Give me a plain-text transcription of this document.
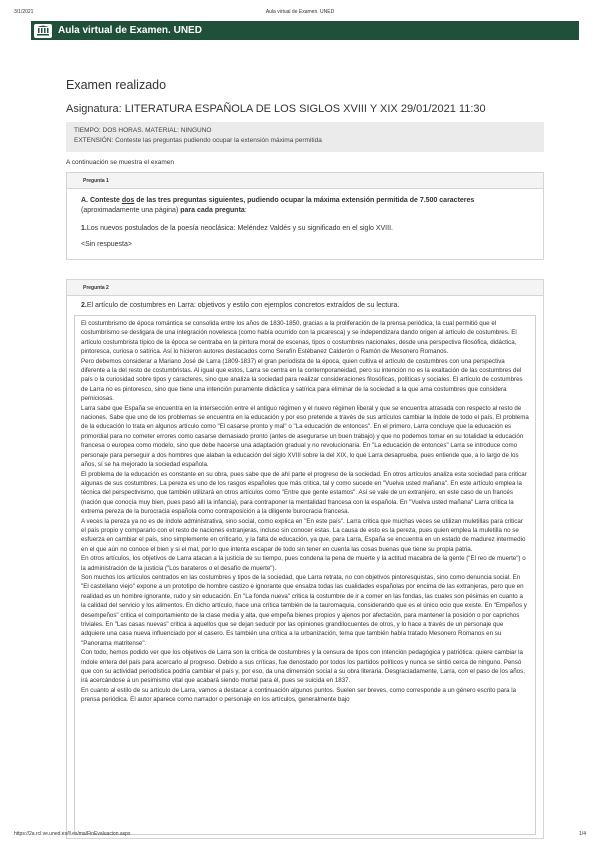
3/1/2021	Aula virtual de Examen. UNED
Aula virtual de Examen. UNED
Examen realizado
Asignatura: LITERATURA ESPAÑOLA DE LOS SIGLOS XVIII Y XIX 29/01/2021 11:30
TIEMPO: DOS HORAS. MATERIAL: NINGUNO
EXTENSIÓN: Conteste las preguntas pudiendo ocupar la extensión máxima permitida
A continuación se muestra el examen
Pregunta 1
A. Conteste dos de las tres preguntas siguientes, pudiendo ocupar la máxima extensión permitida de 7.500 caracteres (aproximadamente una página) para cada pregunta:
1.Los nuevos postulados de la poesía neoclásica: Meléndez Valdés y su significado en el siglo XVIII.
<Sin respuesta>
Pregunta 2
2.El artículo de costumbres en Larra: objetivos y estilo con ejemplos concretos extraídos de su lectura.

El costumbrismo de época romántica se consolida entre los años de 1830-1850, gracias a la proliferación de la prensa periódica, la cual permitió que el costumbrismo se desligara de una integración novelesca (como había ocurrido con la picaresca) y se independizara dando origen al artículo de costumbres. El artículo costumbrista típico de la época se centraba en la pintura moral de escenas, tipos o costumbres nacionales, desde una perspectiva filosófica, didáctica, pintoresca, curiosa o satírica. Así lo hicieron autores destacados como Serafín Estébanez Calderón o Ramón de Mesonero Romanos.

Pero debemos considerar a Mariano José de Larra (1809-1837) el gran periodista de la época, quien cultiva el artículo de costumbres con una perspectiva diferente a la del resto de costumbristas. Al igual que estos, Larra se centra en la contemporaneidad, pero su intención no es la exaltación de las costumbres del país o la curiosidad sobre tipos y caracteres, sino que analiza la sociedad para realizar consideraciones filosóficas, políticas y sociales. El artículo de costumbres de Larra no es pintoresco, sino que tiene una intención puramente didáctica y satírica para eliminar de la sociedad a la que ama costumbres que considera perniciosas.

Larra sabe que España se encuentra en la intersección entre el antiguo régimen y el nuevo régimen liberal y que se encuentra atrasada con respecto al resto de naciones. Sabe que uno de los problemas se encuentra en la educación y por eso pretende a través de sus artículos cambiar la índole de todo el país. El problema de la educación lo trata en algunos artículo como "El casarse pronto y mal" o "La educación de entonces". En el primero, Larra concluye que la educación es primordial para no cometer errores como casarse demasiado pronto (antes de asegurarse un buen trabajo) y que no podemos tomar en su totalidad la educación francesa o europea como modelo, sino que debe hacerse una adaptación gradual y no revolucionaria. En "La educación de entonces" Larra se introduce como personaje para perseguir a dos hombres que alaban la educación del siglo XVIII sobre la del XIX, lo que Larra desaprueba, pues entiende que, a lo largo de los años, sí se ha mejorado la sociedad española.

El problema de la educación es constante en su obra, pues sabe que de ahí parte el progreso de la sociedad. En otros artículos analiza esta sociedad para criticar algunas de sus costumbres. La pereza es uno de los rasgos españoles que más critica, tal y como sucede en "Vuelva usted mañana". En este artículo emplea la técnica del perspectivismo, que también utilizará en otros artículos como "Entre que gente estamos". Así se vale de un extranjero, en este caso de un francés (nación que conocía muy bien, pues pasó allí la infancia), para contraponer la mentalidad francesa con la española. En "Vuelva usted mañana" Larra critica la extrema pereza de la burocracia española como contraposición a la diligente burocracia francesa.

A veces la pereza ya no es de índole administrativa, sino social, como explica en "En este país". Larra critica que muchas veces se utilizan muletillas para criticar el país propio y compararlo con el resto de naciones extranjeras, incluso sin conocer estas. La causa de esto es la pereza, pues quien emplea la muletilla no se esfuerza en cambiar el país, sino simplemente en criticarlo, y la falta de educación, ya que, para Larra, España se encuentra en un estado de madurez intermedio en el que aún no conoce el bien y si el mal, por lo que intenta escapar de todo sin tener en cuenta las cosas buenas que tiene su propia patria.

En otros artículos, los objetivos de Larra atacan a la justicia de su tiempo, pues condena la pena de muerte y la actitud macabra de la gente ("El reo de muerte") o la administración de la justicia ("Los barateros o el desafío de muerte").

Son muchos los artículos centrados en las costumbres y tipos de la sociedad, que Larra retrata, no con objetivos pintoresquistas, sino como denuncia social. En "El castellano viejo" expone a un prototipo de hombre castizo e ignorante que ensalza todas las cualidades españolas por encima de las extranjeras, pero que en realidad es un hombre ignorante, rudo y sin educación. En "La fonda nueva" critica la costumbre de ir a comer en las fondas, las cuales son pésimas en cuanto a la calidad del servicio y los alimentos. En dicho artículo, hace una crítica también de la tauromaquia, considerando que es el único ocio que existe. En "Empeños y desempeños" critica el comportamiento de la clase media y alta, que empeña bienes propios y ajenos por afectación, para mantener la posición o por caprichos triviales. En "Las casas nuevas" critica a aquellos que se dejan seducir por las opiniones grandilocuentes de otros, y lo hace a través de un personaje que adquiere una casa nueva influenciado por el casero. Es también una crítica a la urbanización, tema que también había tratado Mesonero Romanos en su "Panorama matritense".

Con todo, hemos podido ver que los objetivos de Larra son la crítica de costumbres y la censura de tipos con intención pedagógica y patriótica: quiere cambiar la índole entera del país para acercarlo al progreso. Debido a sus críticas, fue denostado por todos los partidos políticos y nunca se sintió cerca de ninguno. Pensó que con su actividad periodística podría cambiar el país y, por eso, da una dimensión social a su obra literaria. Desgraciadamente, Larra, con el paso de los años, irá acercándose a un pesimismo vital que acabará siendo mortal para él, pues se suicida en 1837.

En cuanto al estilo de su artículo de Larra, vamos a destacar a continuación algunos puntos. Suelen ser breves, como corresponde a un género escrito para la prensa periódica. El autor aparece como narrador o personaje en los artículos, generalmente bajo

https://2a.rcl.ve.uned.es/ll.es/ma/FinEvaluacion.aspx	1/4
